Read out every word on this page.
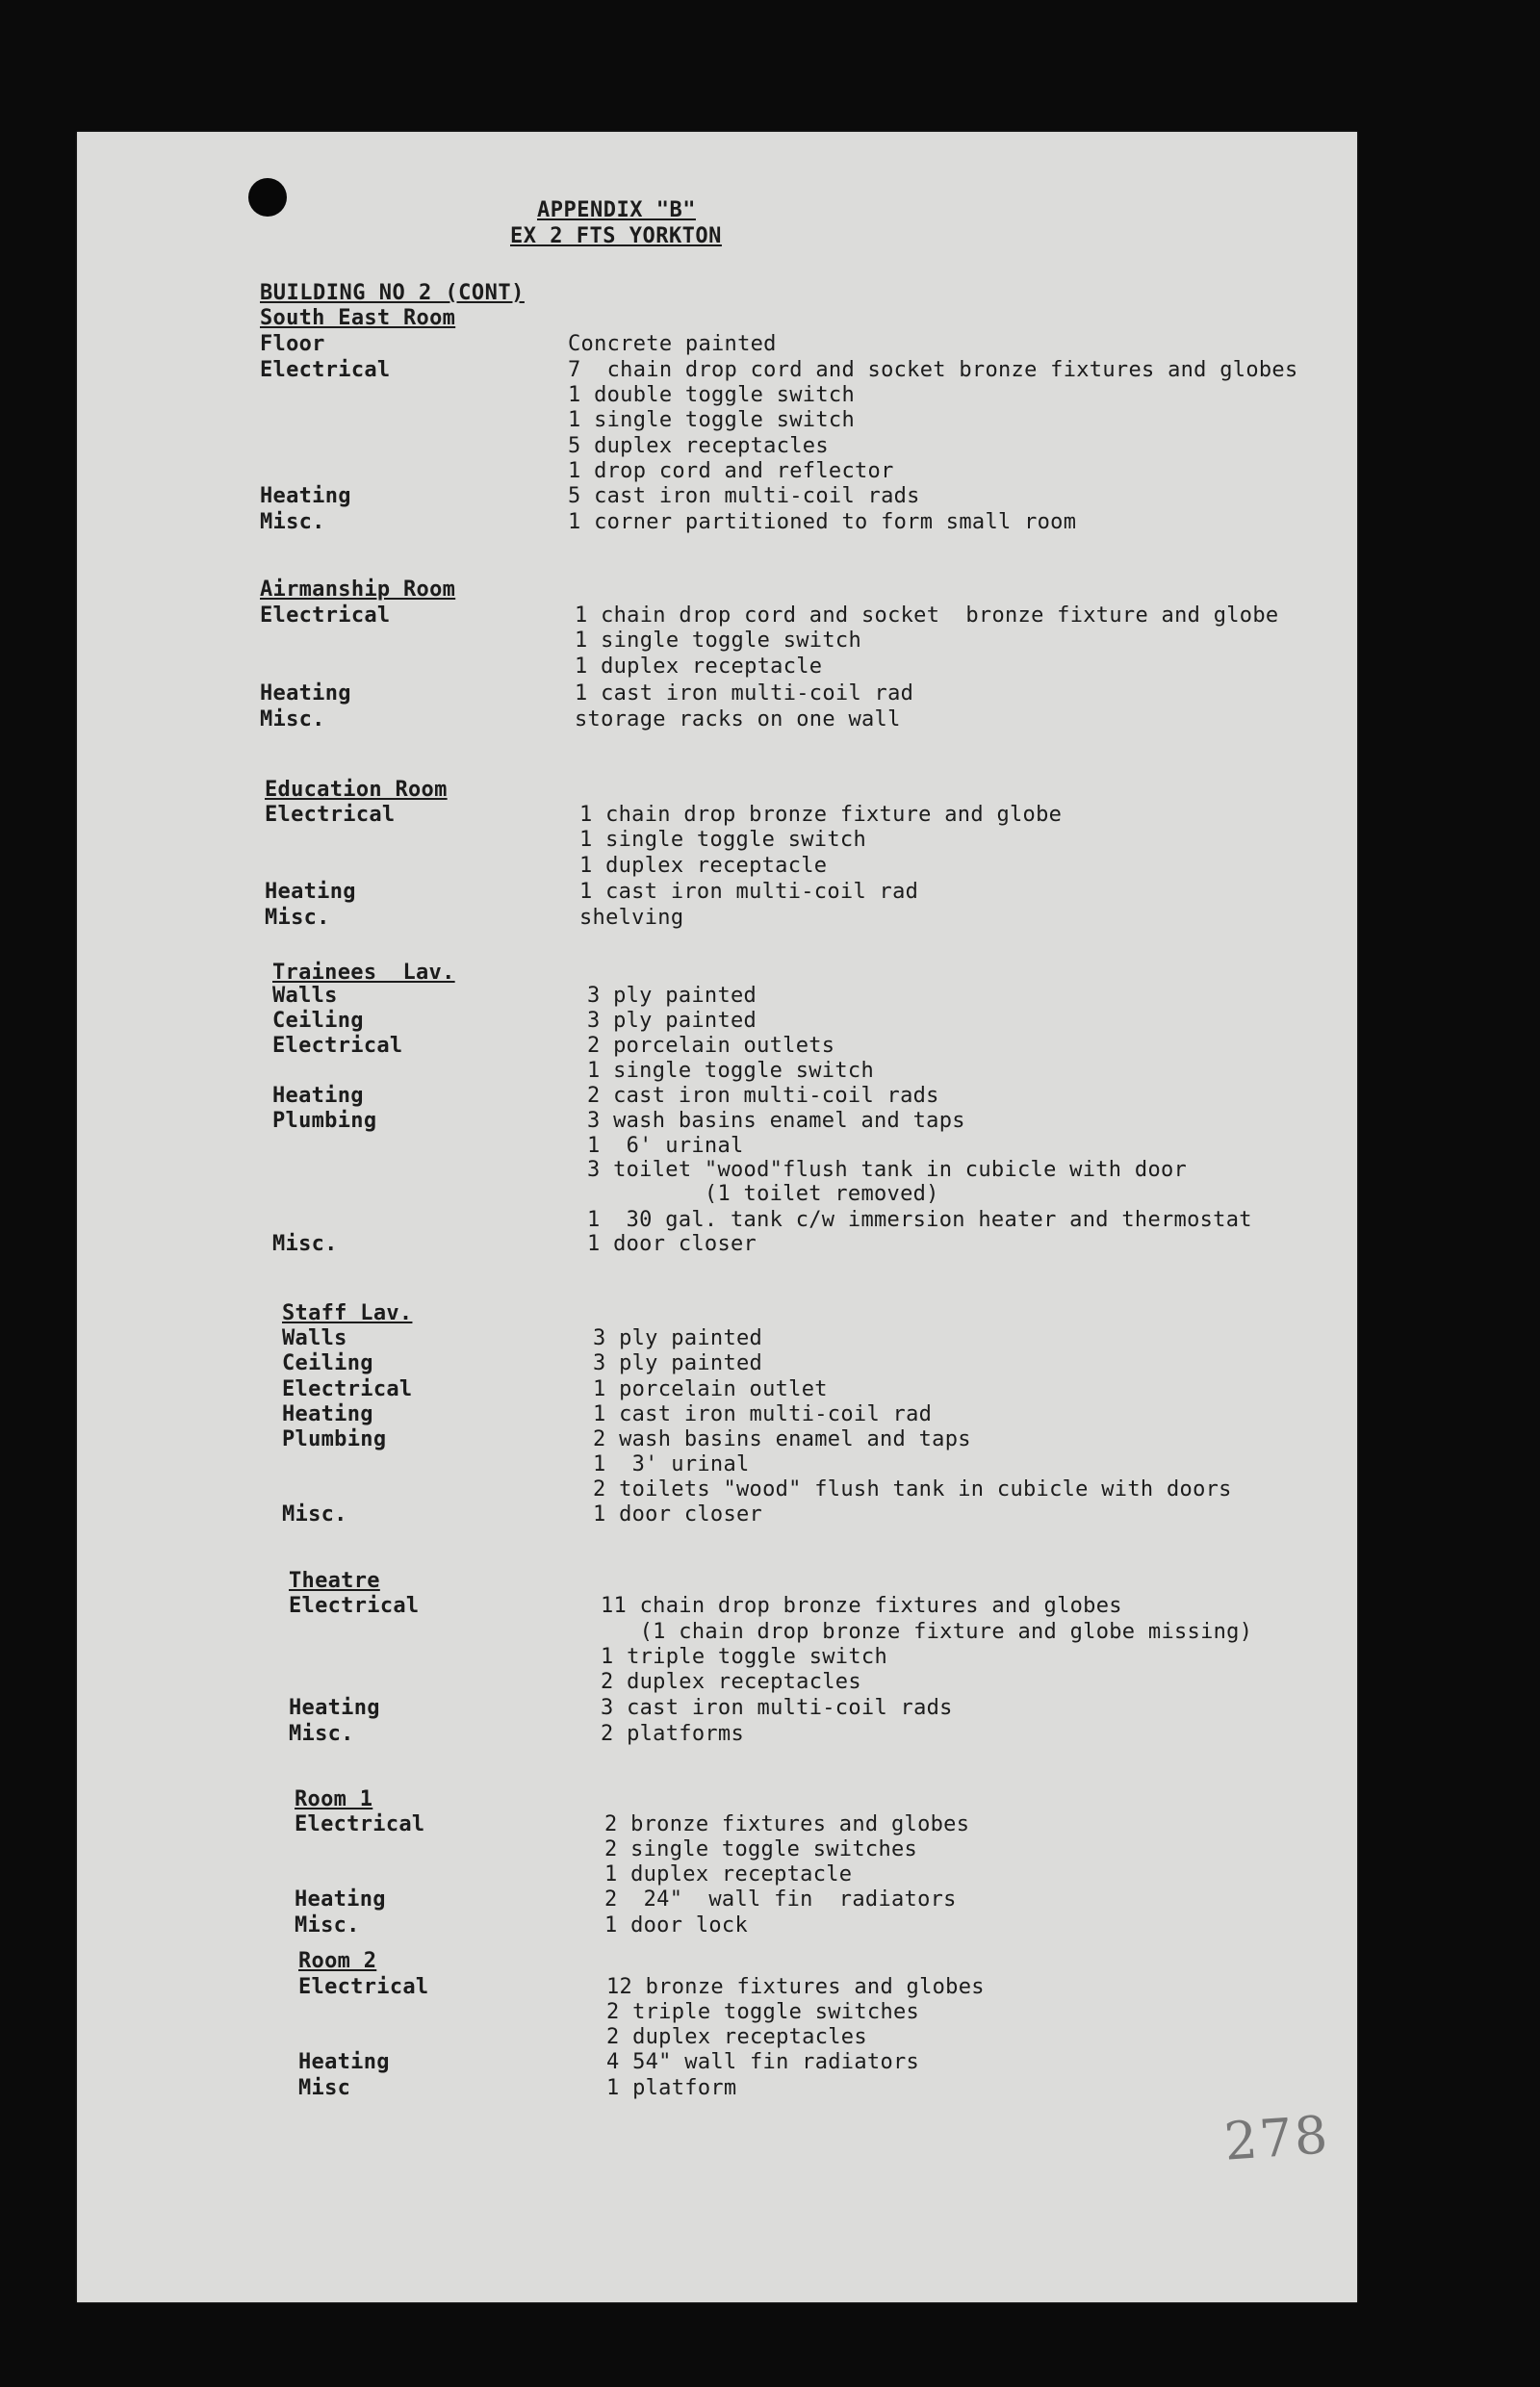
APPENDIX "B"
EX 2 FTS YORKTON
BUILDING NO 2 (CONT)
South East Room
Floor	Concrete painted
Electrical	7  chain drop cord and socket bronze fixtures and globes
1 double toggle switch
1 single toggle switch
5 duplex receptacles
1 drop cord and reflector
Heating	5 cast iron multi-coil rads
Misc.	1 corner partitioned to form small room
Airmanship Room
Electrical	1 chain drop cord and socket  bronze fixture and globe
1 single toggle switch
1 duplex receptacle
Heating	1 cast iron multi-coil rad
Misc.	storage racks on one wall
Education Room
Electrical	1 chain drop bronze fixture and globe
1 single toggle switch
1 duplex receptacle
Heating	1 cast iron multi-coil rad
Misc.	shelving
Trainees  Lav.
Walls	3 ply painted
Ceiling	3 ply painted
Electrical	2 porcelain outlets
1 single toggle switch
Heating	2 cast iron multi-coil rads
Plumbing	3 wash basins enamel and taps
1  6' urinal
3 toilet "wood"flush tank in cubicle with door
(1 toilet removed)
1  30 gal. tank c/w immersion heater and thermostat
Misc.	1 door closer
Staff Lav.
Walls	3 ply painted
Ceiling	3 ply painted
Electrical	1 porcelain outlet
Heating	1 cast iron multi-coil rad
Plumbing	2 wash basins enamel and taps
1  3' urinal
2 toilets "wood" flush tank in cubicle with doors
Misc.	1 door closer
Theatre
Electrical	11 chain drop bronze fixtures and globes
(1 chain drop bronze fixture and globe missing)
1 triple toggle switch
2 duplex receptacles
Heating	3 cast iron multi-coil rads
Misc.	2 platforms
Room 1
Electrical	2 bronze fixtures and globes
2 single toggle switches
1 duplex receptacle
Heating	2  24"  wall fin  radiators
Misc.	1 door lock
Room 2
Electrical	12 bronze fixtures and globes
2 triple toggle switches
2 duplex receptacles
Heating	4 54" wall fin radiators
Misc	1 platform
278
